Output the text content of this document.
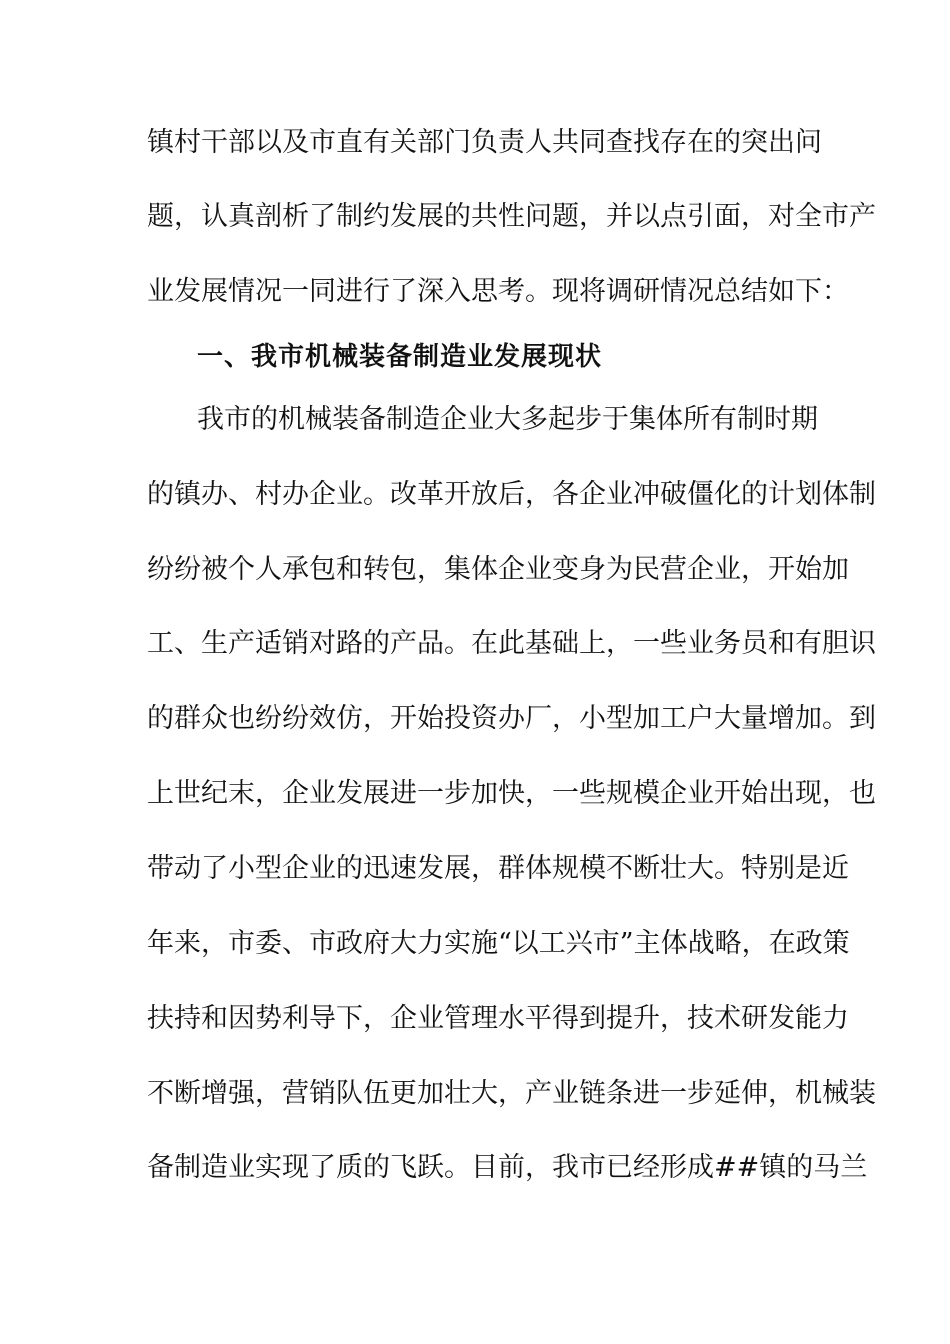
镇村干部以及市直有关部门负责人共同查找存在的突出问
题，认真剖析了制约发展的共性问题，并以点引面，对全市产
业发展情况一同进行了深入思考。现将调研情况总结如下：
一、我市机械装备制造业发展现状
我市的机械装备制造企业大多起步于集体所有制时期
的镇办、村办企业。改革开放后，各企业冲破僵化的计划体制
纷纷被个人承包和转包，集体企业变身为民营企业，开始加
工、生产适销对路的产品。在此基础上，一些业务员和有胆识
的群众也纷纷效仿，开始投资办厂，小型加工户大量增加。到
上世纪末，企业发展进一步加快，一些规模企业开始出现，也
带动了小型企业的迅速发展，群体规模不断壮大。特别是近
年来，市委、市政府大力实施“以工兴市”主体战略，在政策
扶持和因势利导下，企业管理水平得到提升，技术研发能力
不断增强，营销队伍更加壮大，产业链条进一步延伸，机械装
备制造业实现了质的飞跃。目前，我市已经形成##镇的马兰
